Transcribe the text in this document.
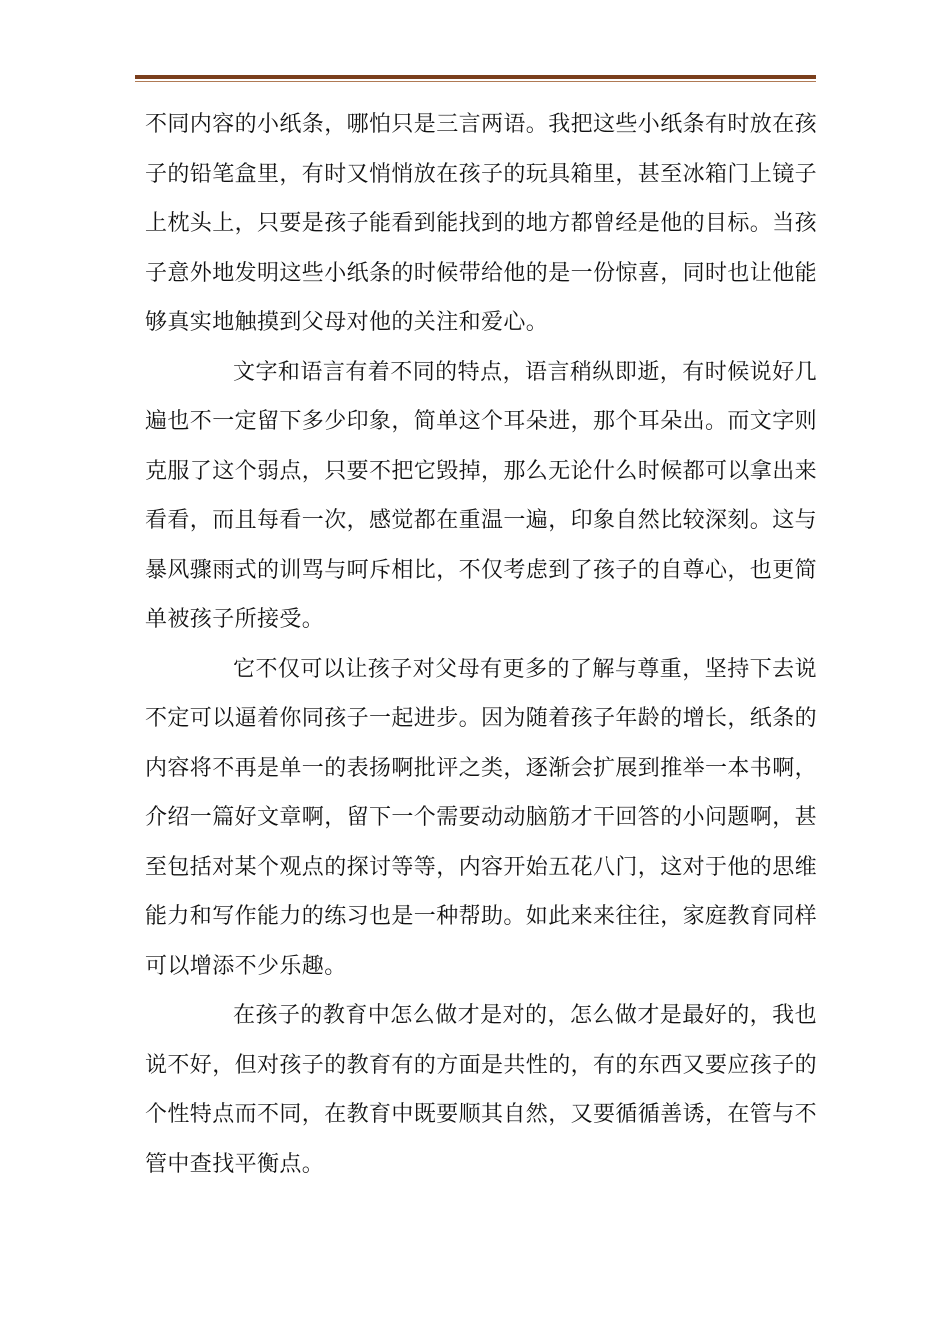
不同内容的小纸条，哪怕只是三言两语。我把这些小纸条有时放在孩子的铅笔盒里，有时又悄悄放在孩子的玩具箱里，甚至冰箱门上镜子上枕头上，只要是孩子能看到能找到的地方都曾经是他的目标。当孩子意外地发明这些小纸条的时候带给他的是一份惊喜，同时也让他能够真实地触摸到父母对他的关注和爱心。

文字和语言有着不同的特点，语言稍纵即逝，有时候说好几遍也不一定留下多少印象，简单这个耳朵进，那个耳朵出。而文字则克服了这个弱点，只要不把它毁掉，那么无论什么时候都可以拿出来看看，而且每看一次，感觉都在重温一遍，印象自然比较深刻。这与暴风骤雨式的训骂与呵斥相比，不仅考虑到了孩子的自尊心，也更简单被孩子所接受。

它不仅可以让孩子对父母有更多的了解与尊重，坚持下去说不定可以逼着你同孩子一起进步。因为随着孩子年龄的增长，纸条的内容将不再是单一的表扬啊批评之类，逐渐会扩展到推举一本书啊，介绍一篇好文章啊，留下一个需要动动脑筋才干回答的小问题啊，甚至包括对某个观点的探讨等等，内容开始五花八门，这对于他的思维能力和写作能力的练习也是一种帮助。如此来来往往，家庭教育同样可以增添不少乐趣。

在孩子的教育中怎么做才是对的，怎么做才是最好的，我也说不好，但对孩子的教育有的方面是共性的，有的东西又要应孩子的个性特点而不同，在教育中既要顺其自然，又要循循善诱，在管与不管中查找平衡点。
